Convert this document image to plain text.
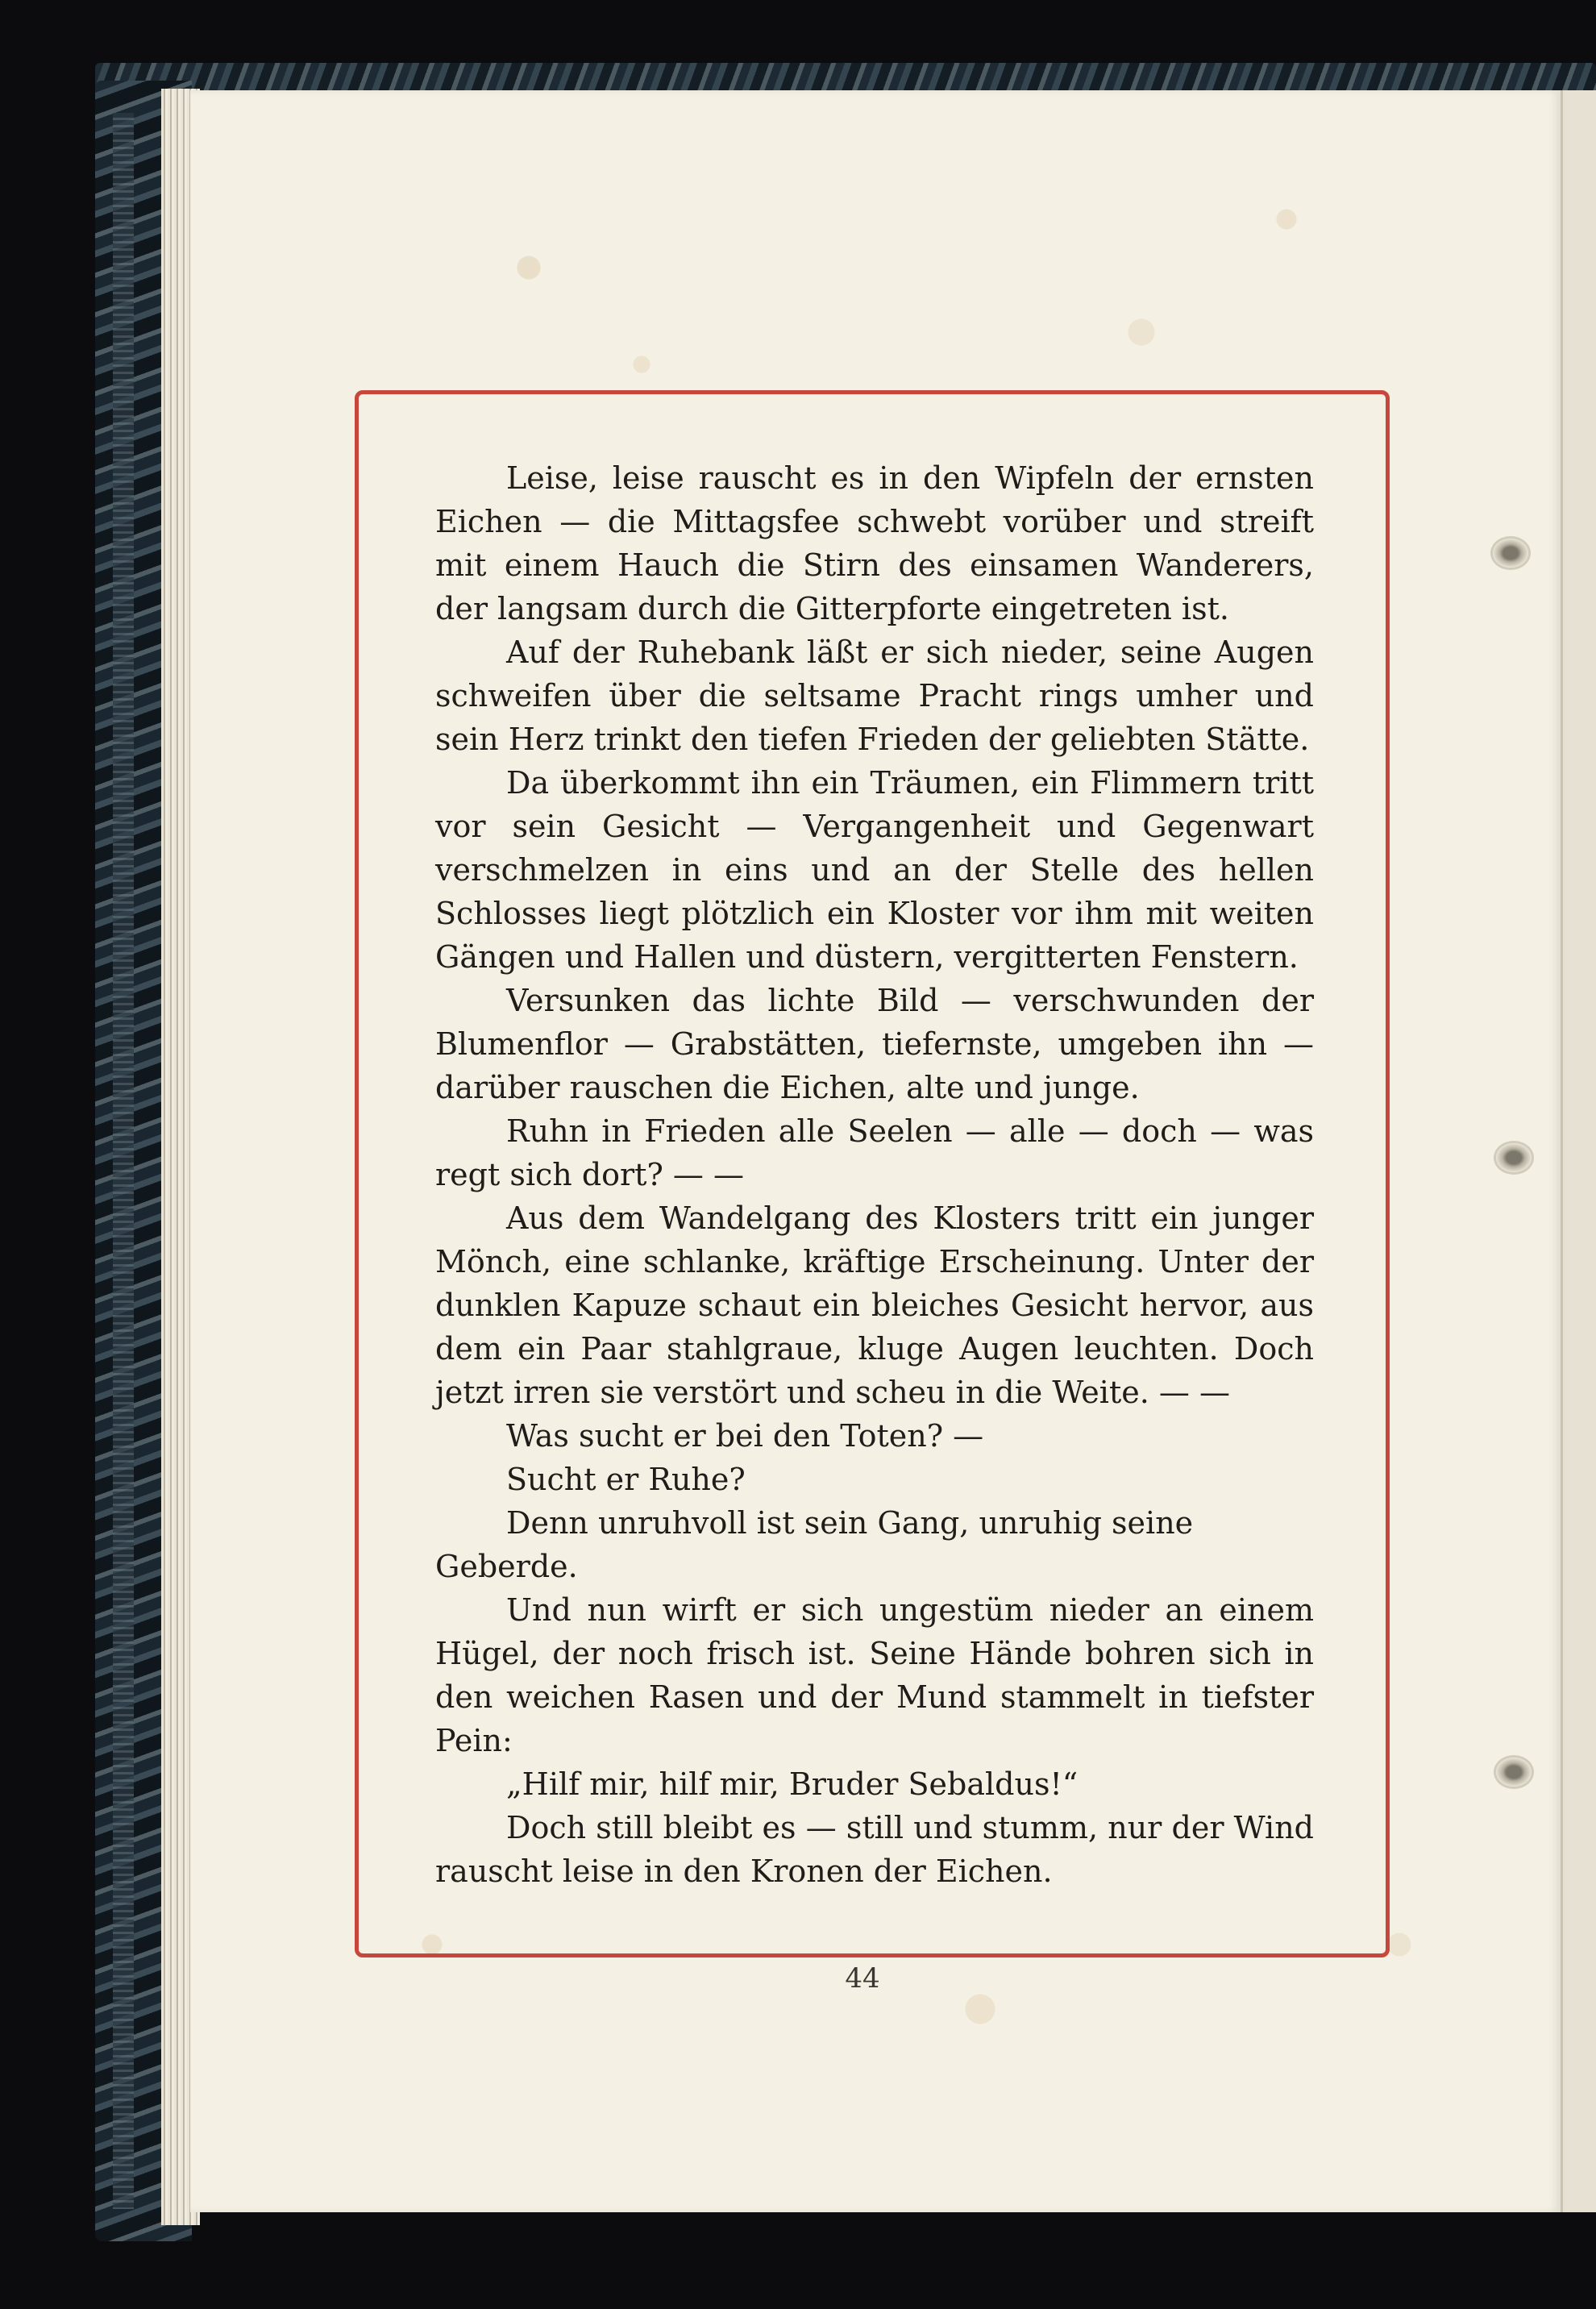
Leise, leise rauscht es in den Wipfeln der ernsten Eichen — die Mittagsfee schwebt vorüber und streift mit einem Hauch die Stirn des einsamen Wanderers, der langsam durch die Gitterpforte eingetreten ist.

Auf der Ruhebank läßt er sich nieder, seine Augen schweifen über die seltsame Pracht rings umher und sein Herz trinkt den tiefen Frieden der geliebten Stätte.

Da überkommt ihn ein Träumen, ein Flimmern tritt vor sein Gesicht — Vergangenheit und Gegenwart verschmelzen in eins und an der Stelle des hellen Schlosses liegt plötzlich ein Kloster vor ihm mit weiten Gängen und Hallen und düstern, vergitterten Fenstern.

Versunken das lichte Bild — verschwunden der Blumenflor — Grabstätten, tiefernste, umgeben ihn — darüber rauschen die Eichen, alte und junge.

Ruhn in Frieden alle Seelen — alle — doch — was regt sich dort? — —

Aus dem Wandelgang des Klosters tritt ein junger Mönch, eine schlanke, kräftige Erscheinung. Unter der dunklen Kapuze schaut ein bleiches Gesicht hervor, aus dem ein Paar stahlgraue, kluge Augen leuchten. Doch jetzt irren sie verstört und scheu in die Weite. — —

Was sucht er bei den Toten? —

Sucht er Ruhe?

Denn unruhvoll ist sein Gang, unruhig seine Geberde.

Und nun wirft er sich ungestüm nieder an einem Hügel, der noch frisch ist. Seine Hände bohren sich in den weichen Rasen und der Mund stammelt in tiefster Pein:

„Hilf mir, hilf mir, Bruder Sebaldus!“

Doch still bleibt es — still und stumm, nur der Wind rauscht leise in den Kronen der Eichen.

44
